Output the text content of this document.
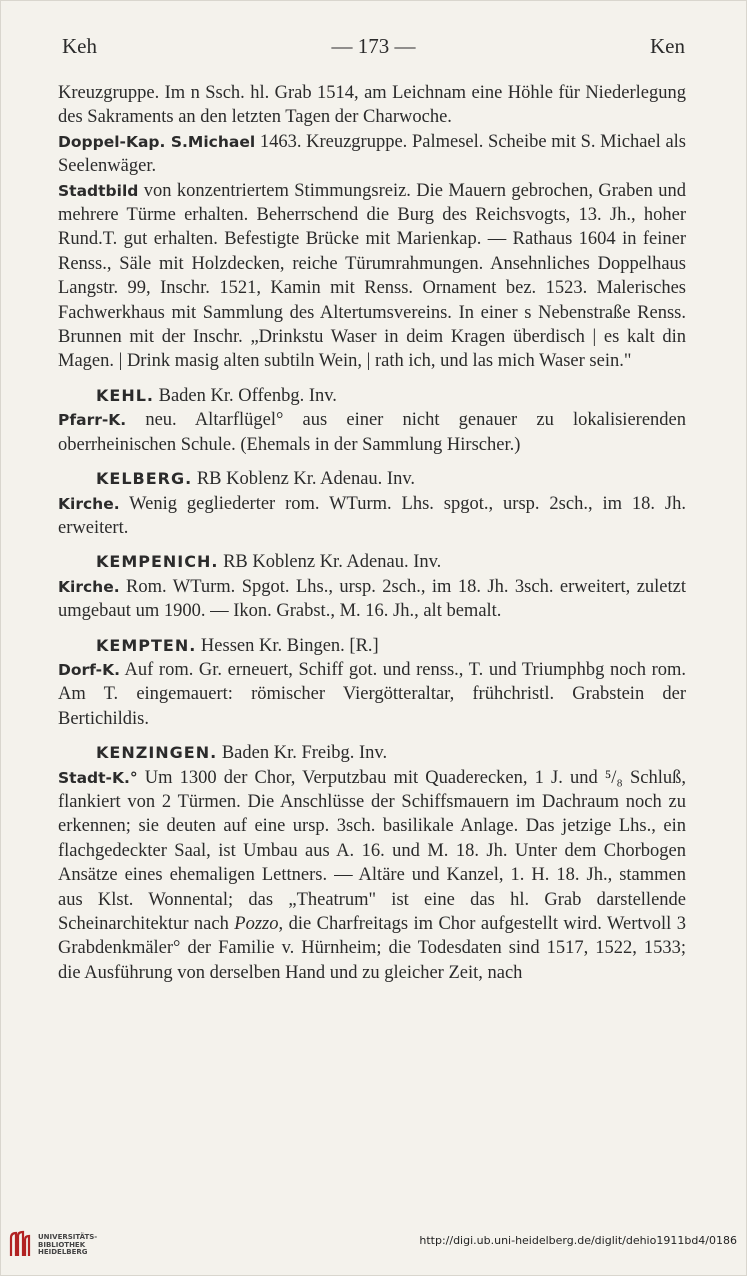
Keh	— 173 —	Ken

Kreuzgruppe. Im n Ssch. hl. Grab 1514, am Leichnam eine Höhle für Niederlegung des Sakraments an den letzten Tagen der Charwoche.

Doppel-Kap. S.Michael 1463. Kreuzgruppe. Palmesel. Scheibe mit S. Michael als Seelenwäger.

Stadtbild von konzentriertem Stimmungsreiz. Die Mauern gebrochen, Graben und mehrere Türme erhalten. Beherrschend die Burg des Reichsvogts, 13. Jh., hoher Rund.T. gut erhalten. Befestigte Brücke mit Marienkap. — Rathaus 1604 in feiner Renss., Säle mit Holzdecken, reiche Türumrahmungen. Ansehnliches Doppelhaus Langstr. 99, Inschr. 1521, Kamin mit Renss. Ornament bez. 1523. Malerisches Fachwerkhaus mit Sammlung des Altertumsvereins. In einer s Nebenstraße Renss. Brunnen mit der Inschr. „Drinkstu Waser in deim Kragen überdisch | es kalt din Magen. | Drink masig alten subtiln Wein, | rath ich, und las mich Waser sein."

KEHL. Baden Kr. Offenbg. Inv.

Pfarr-K. neu. Altarflügel° aus einer nicht genauer zu lokalisierenden oberrheinischen Schule. (Ehemals in der Sammlung Hirscher.)

KELBERG. RB Koblenz Kr. Adenau. Inv.

Kirche. Wenig gegliederter rom. WTurm. Lhs. spgot., ursp. 2sch., im 18. Jh. erweitert.

KEMPENICH. RB Koblenz Kr. Adenau. Inv.

Kirche. Rom. WTurm. Spgot. Lhs., ursp. 2sch., im 18. Jh. 3sch. erweitert, zuletzt umgebaut um 1900. — Ikon. Grabst., M. 16. Jh., alt bemalt.

KEMPTEN. Hessen Kr. Bingen. [R.]

Dorf-K. Auf rom. Gr. erneuert, Schiff got. und renss., T. und Triumphbg noch rom. Am T. eingemauert: römischer Viergötteraltar, frühchristl. Grabstein der Bertichildis.

KENZINGEN. Baden Kr. Freibg. Inv.

Stadt-K.° Um 1300 der Chor, Verputzbau mit Quaderecken, 1 J. und ⁵/₈ Schluß, flankiert von 2 Türmen. Die Anschlüsse der Schiffsmauern im Dachraum noch zu erkennen; sie deuten auf eine ursp. 3sch. basilikale Anlage. Das jetzige Lhs., ein flachgedeckter Saal, ist Umbau aus A. 16. und M. 18. Jh. Unter dem Chorbogen Ansätze eines ehemaligen Lettners. — Altäre und Kanzel, 1. H. 18. Jh., stammen aus Klst. Wonnental; das „Theatrum" ist eine das hl. Grab darstellende Scheinarchitektur nach Pozzo, die Charfreitags im Chor aufgestellt wird. Wertvoll 3 Grabdenkmäler° der Familie v. Hürnheim; die Todesdaten sind 1517, 1522, 1533; die Ausführung von derselben Hand und zu gleicher Zeit, nach

UNIVERSITÄTS-
BIBLIOTHEK
HEIDELBERG
http://digi.ub.uni-heidelberg.de/diglit/dehio1911bd4/0186
